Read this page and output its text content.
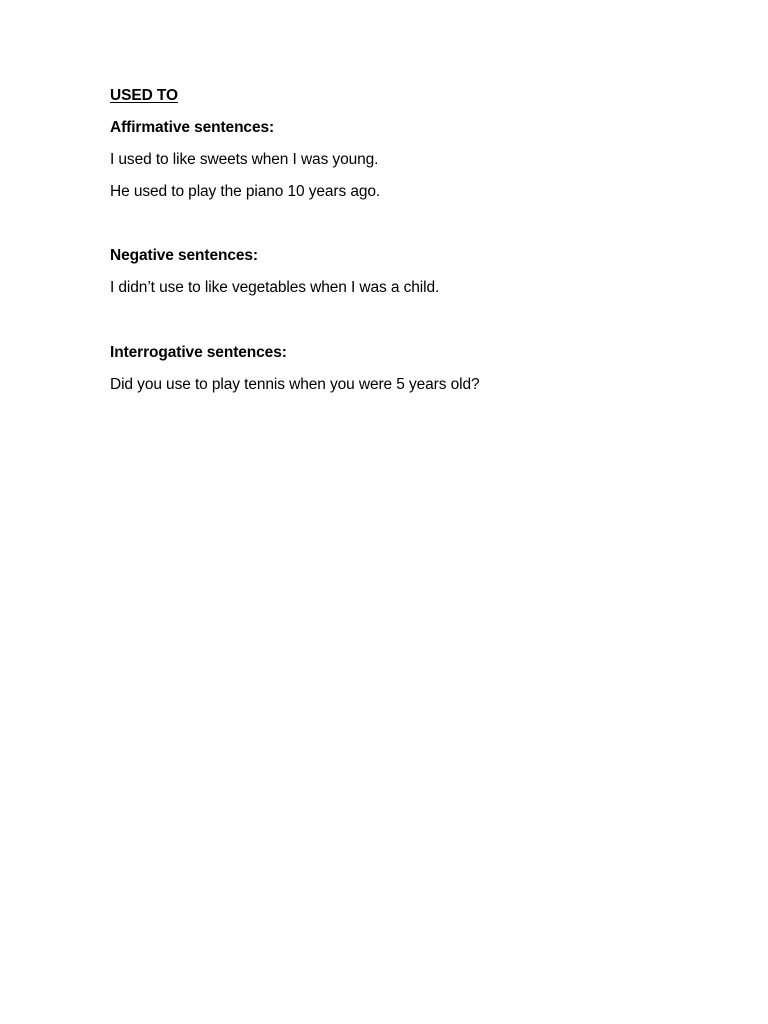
USED TO
Affirmative sentences:
I used to like sweets when I was young.
He used to play the piano 10 years ago.
Negative sentences:
I didn’t use to like vegetables when I was a child.
Interrogative sentences:
Did you use to play tennis when you were 5 years old?
